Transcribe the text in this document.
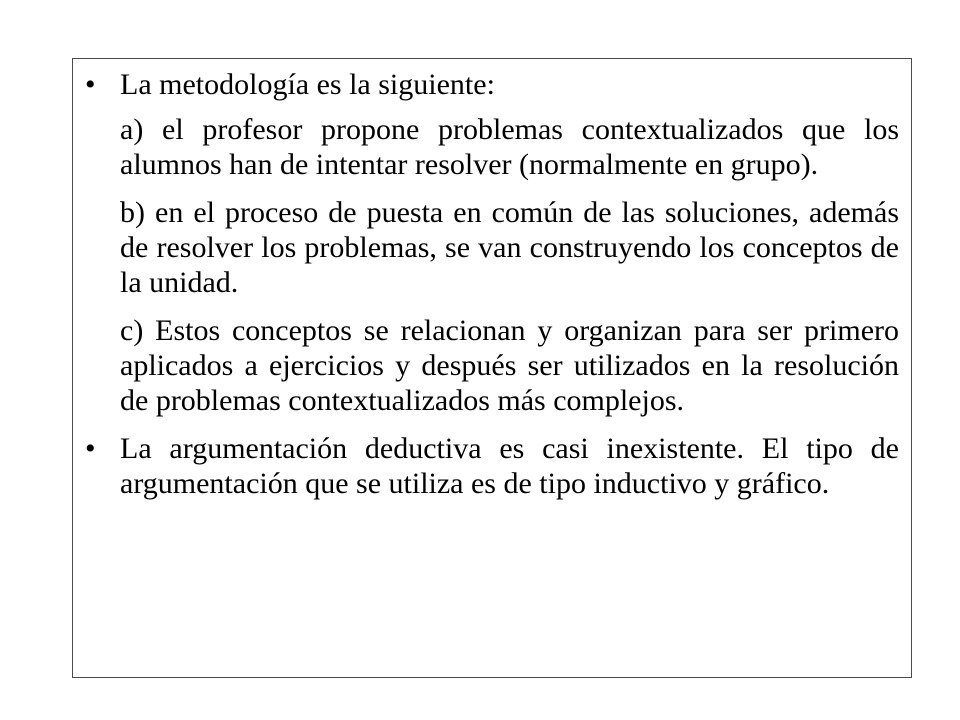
• La metodología es la siguiente:

a) el profesor propone problemas contextualizados que los alumnos han de intentar resolver (normalmente en grupo).

b) en el proceso de puesta en común de las soluciones, además de resolver los problemas, se van construyendo los conceptos de la unidad.

c) Estos conceptos se relacionan y organizan para ser primero aplicados a ejercicios y después ser utilizados en la resolución de problemas contextualizados más complejos.

• La argumentación deductiva es casi inexistente. El tipo de argumentación que se utiliza es de tipo inductivo y gráfico.
